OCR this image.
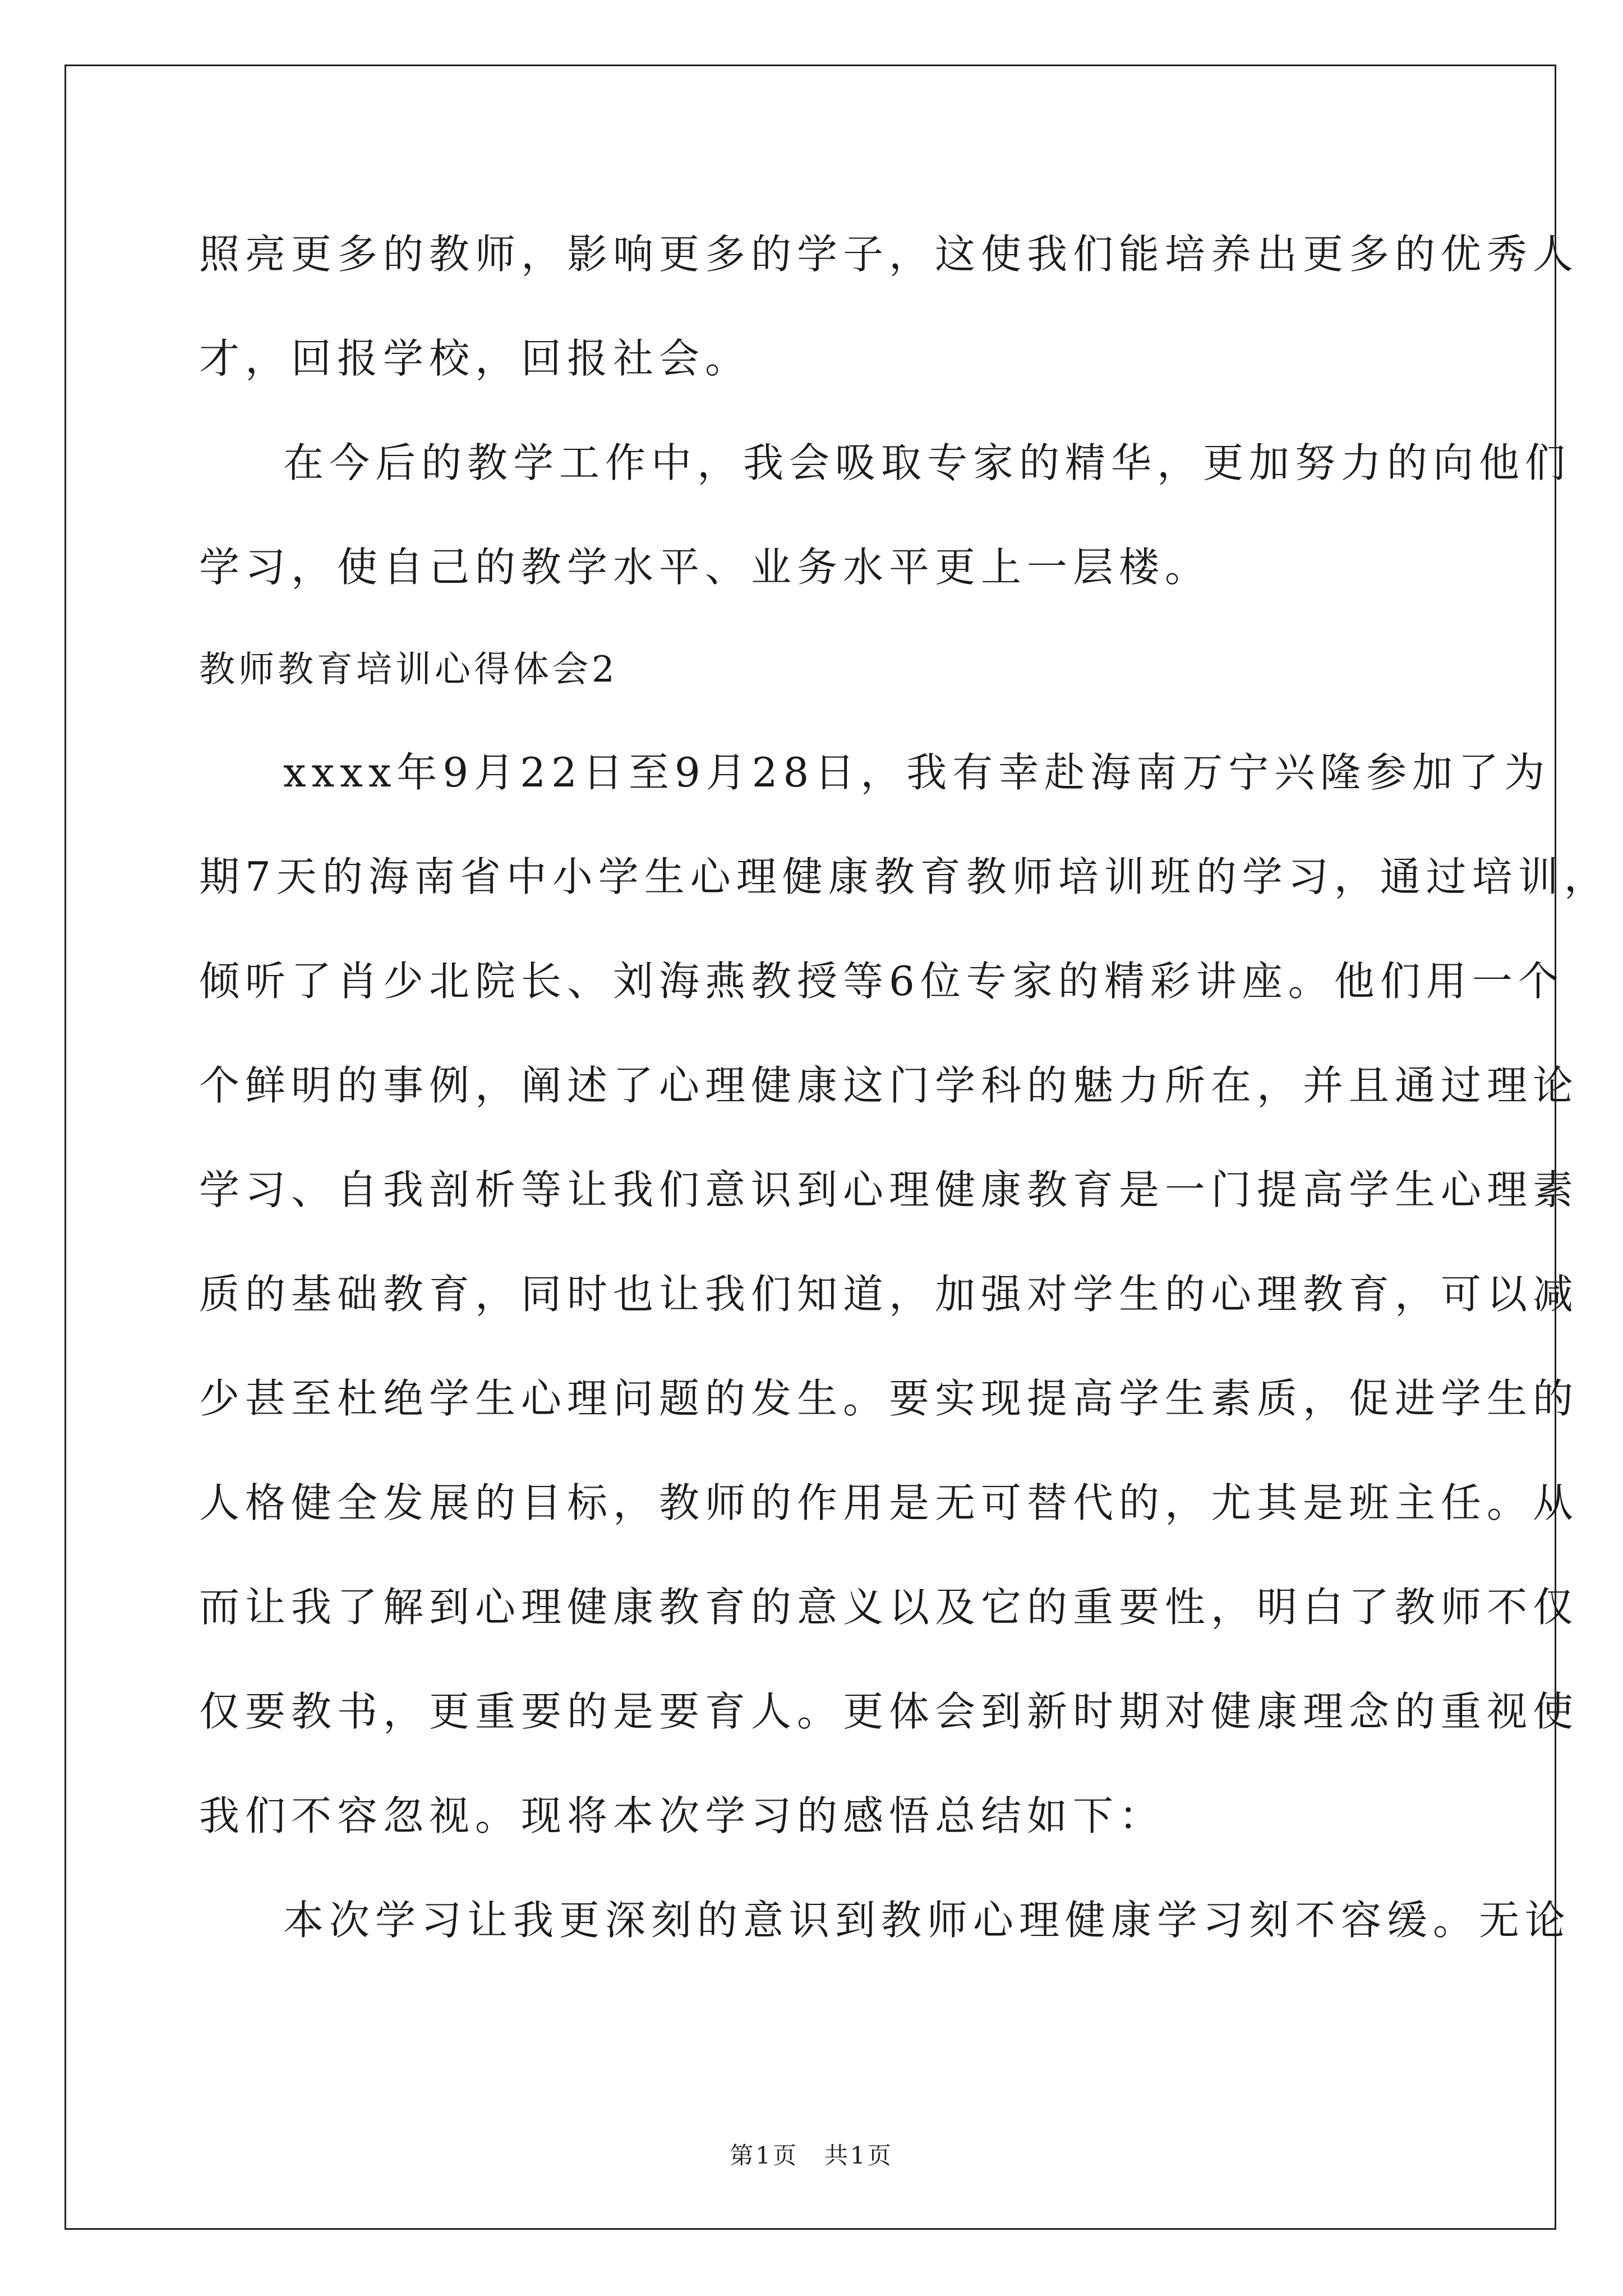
照亮更多的教师，影响更多的学子，这使我们能培养出更多的优秀人
才，回报学校，回报社会。
在今后的教学工作中，我会吸取专家的精华，更加努力的向他们
学习，使自己的教学水平、业务水平更上一层楼。
教师教育培训心得体会2
xxxx年9月22日至9月28日，我有幸赴海南万宁兴隆参加了为
期7天的海南省中小学生心理健康教育教师培训班的学习，通过培训，
倾听了肖少北院长、刘海燕教授等6位专家的精彩讲座。他们用一个
个鲜明的事例，阐述了心理健康这门学科的魅力所在，并且通过理论
学习、自我剖析等让我们意识到心理健康教育是一门提高学生心理素
质的基础教育，同时也让我们知道，加强对学生的心理教育，可以减
少甚至杜绝学生心理问题的发生。要实现提高学生素质，促进学生的
人格健全发展的目标，教师的作用是无可替代的，尤其是班主任。从
而让我了解到心理健康教育的意义以及它的重要性，明白了教师不仅
仅要教书，更重要的是要育人。更体会到新时期对健康理念的重视使
我们不容忽视。现将本次学习的感悟总结如下：
本次学习让我更深刻的意识到教师心理健康学习刻不容缓。无论
第1页　共1页
